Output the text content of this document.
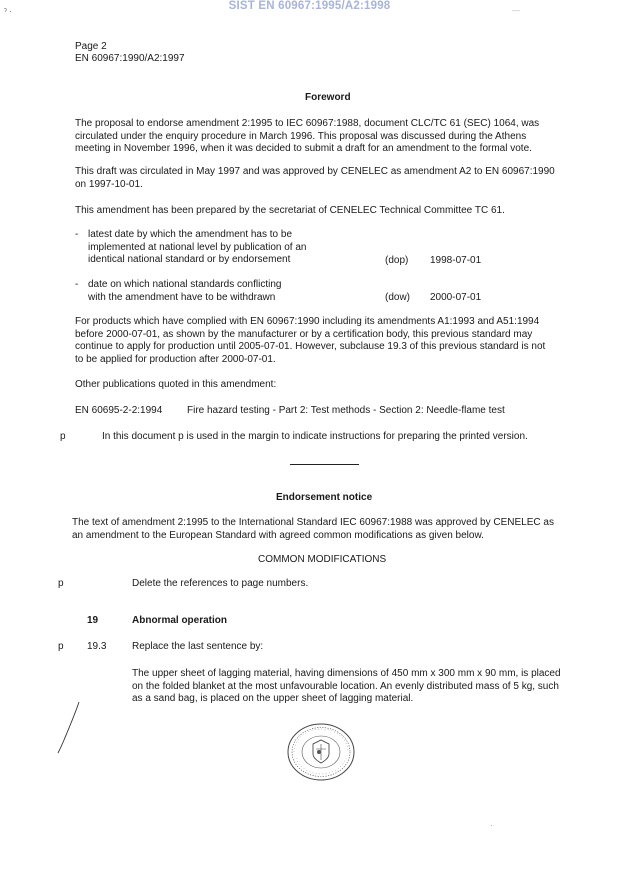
SIST EN 60967:1995/A2:1998
ˀ ·
Page 2
EN 60967:1990/A2:1997
Foreword
The proposal to endorse amendment 2:1995 to IEC 60967:1988, document CLC/TC 61 (SEC) 1064, was
circulated under the enquiry procedure in March 1996. This proposal was discussed during the Athens
meeting in November 1996, when it was decided to submit a draft for an amendment to the formal vote.
This draft was circulated in May 1997 and was approved by CENELEC as amendment A2 to EN 60967:1990
on 1997-10-01.
This amendment has been prepared by the secretariat of CENELEC Technical Committee TC 61.
- latest date by which the amendment has to be
implemented at national level by publication of an
identical national standard or by endorsement	(dop) 1998-07-01
- date on which national standards conflicting
with the amendment have to be withdrawn	(dow) 2000-07-01
For products which have complied with EN 60967:1990 including its amendments A1:1993 and A51:1994
before 2000-07-01, as shown by the manufacturer or by a certification body, this previous standard may
continue to apply for production until 2005-07-01. However, subclause 19.3 of this previous standard is not
to be applied for production after 2000-07-01.
Other publications quoted in this amendment:
EN 60695-2-2:1994 Fire hazard testing - Part 2: Test methods - Section 2: Needle-flame test
p	In this document p is used in the margin to indicate instructions for preparing the printed version.
Endorsement notice
The text of amendment 2:1995 to the International Standard IEC 60967:1988 was approved by CENELEC as
an amendment to the European Standard with agreed common modifications as given below.
COMMON MODIFICATIONS
p	Delete the references to page numbers.
19	Abnormal operation
p 19.3	Replace the last sentence by:
The upper sheet of lagging material, having dimensions of 450 mm x 300 mm x 90 mm, is placed
on the folded blanket at the most unfavourable location. An evenly distributed mass of 5 kg, such
as a sand bag, is placed on the upper sheet of lagging material.
·
—
